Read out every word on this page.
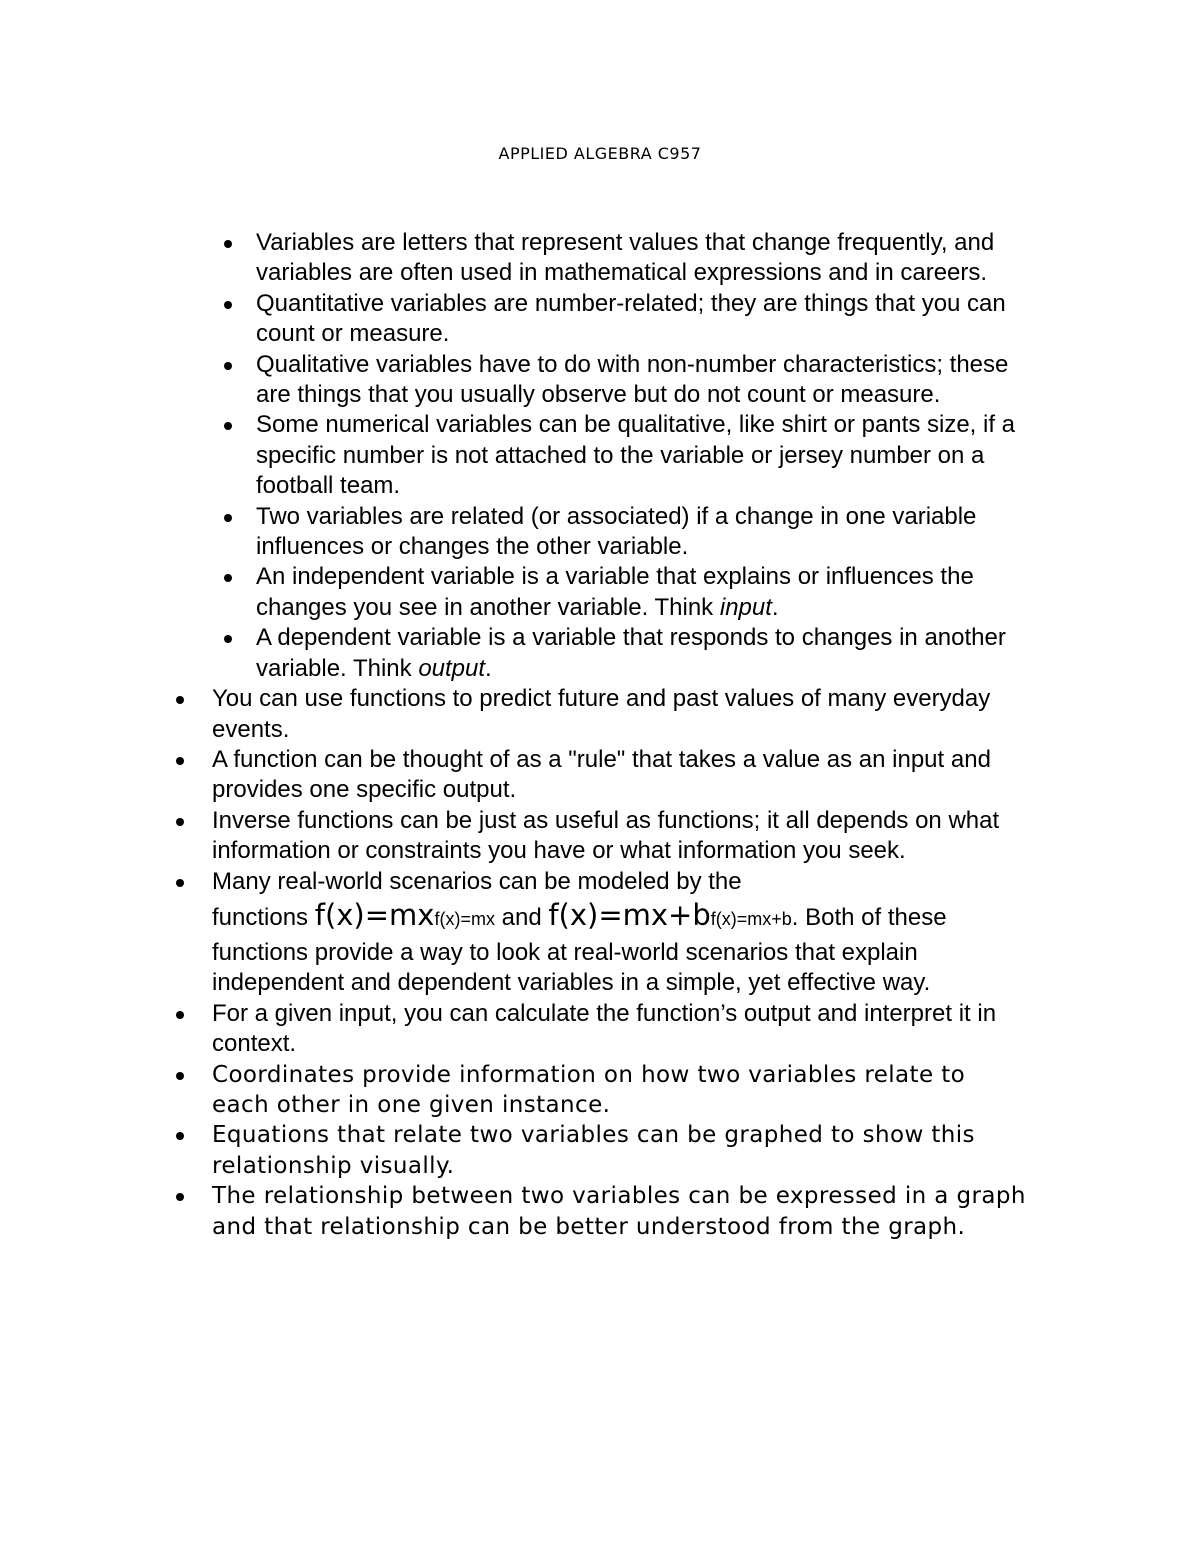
APPLIED ALGEBRA C957
Variables are letters that represent values that change frequently, and variables are often used in mathematical expressions and in careers.
Quantitative variables are number-related; they are things that you can count or measure.
Qualitative variables have to do with non-number characteristics; these are things that you usually observe but do not count or measure.
Some numerical variables can be qualitative, like shirt or pants size, if a specific number is not attached to the variable or jersey number on a football team.
Two variables are related (or associated) if a change in one variable influences or changes the other variable.
An independent variable is a variable that explains or influences the changes you see in another variable. Think input.
A dependent variable is a variable that responds to changes in another variable. Think output.
You can use functions to predict future and past values of many everyday events.
A function can be thought of as a "rule" that takes a value as an input and provides one specific output.
Inverse functions can be just as useful as functions; it all depends on what information or constraints you have or what information you seek.
Many real-world scenarios can be modeled by the
functions f(x)=mxf(x)=mx and f(x)=mx+bf(x)=mx+b. Both of these functions provide a way to look at real-world scenarios that explain independent and dependent variables in a simple, yet effective way.
For a given input, you can calculate the function’s output and interpret it in context.
Coordinates provide information on how two variables relate to each other in one given instance.
Equations that relate two variables can be graphed to show this relationship visually.
The relationship between two variables can be expressed in a graph and that relationship can be better understood from the graph.
